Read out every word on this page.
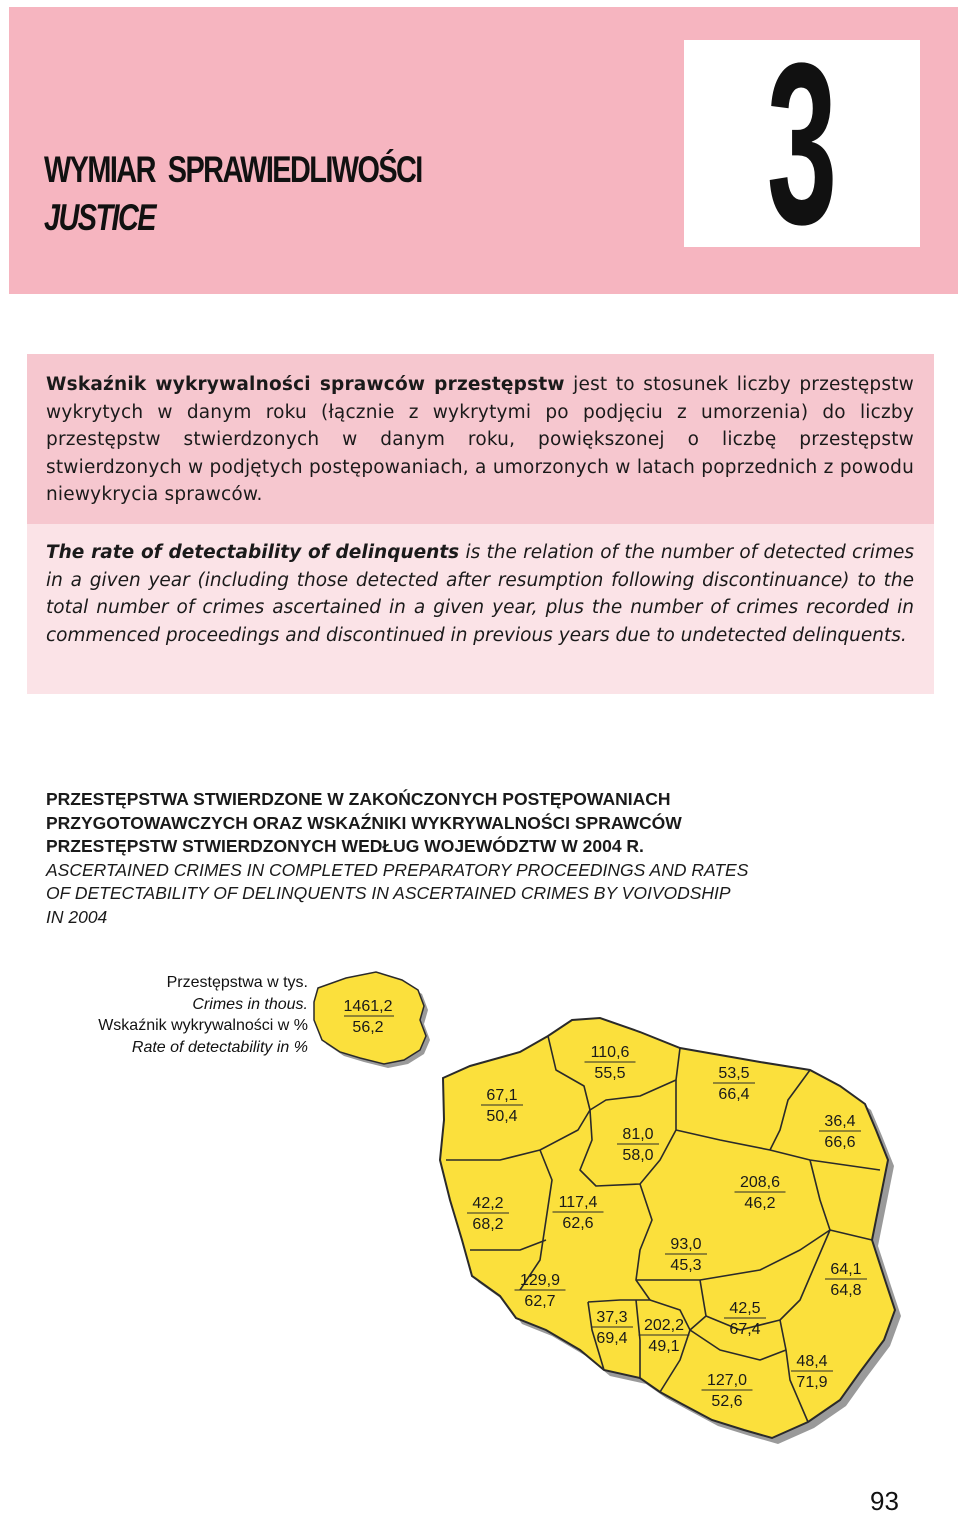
WYMIAR  SPRAWIEDLIWOŚCI
JUSTICE	3

Wskaźnik wykrywalności sprawców przestępstw jest to stosunek liczby przestępstw wykrytych w danym roku (łącznie z wykrytymi po podjęciu z umorzenia) do liczby przestępstw stwierdzonych w danym roku, powiększonej o liczbę przestępstw stwierdzonych w podjętych postępowaniach, a umorzonych w latach poprzednich z powodu niewykrycia sprawców.

The rate of detectability of delinquents is the relation of the number of detected crimes in a given year (including those detected after resumption following discontinuance) to the total number of crimes ascertained in a given year, plus the number of crimes recorded in commenced proceedings and discontinued in previous years due to undetected delinquents.

PRZESTĘPSTWA STWIERDZONE W ZAKOŃCZONYCH POSTĘPOWANIACH
PRZYGOTOWAWCZYCH ORAZ WSKAŹNIKI WYKRYWALNOŚCI SPRAWCÓW
PRZESTĘPSTW STWIERDZONYCH WEDŁUG WOJEWÓDZTW W 2004 R.
ASCERTAINED CRIMES IN COMPLETED PREPARATORY PROCEEDINGS AND RATES
OF DETECTABILITY OF DELINQUENTS IN ASCERTAINED CRIMES BY VOIVODSHIP
IN 2004
Przestępstwa w tys.
Crimes in thous.
Wskaźnik wykrywalności w %
Rate of detectability in %
1461,2
56,2
110,6
55,5	53,5
66,4
67,1
50,4
81,0
58,0
36,4
66,6
208,6
46,2
42,2
68,2
117,4
62,6
93,0
45,3	64,1
64,8
129,9
62,7	42,5
67,4
37,3
69,4
202,2
49,1
48,4
71,9
127,0
52,6
93
